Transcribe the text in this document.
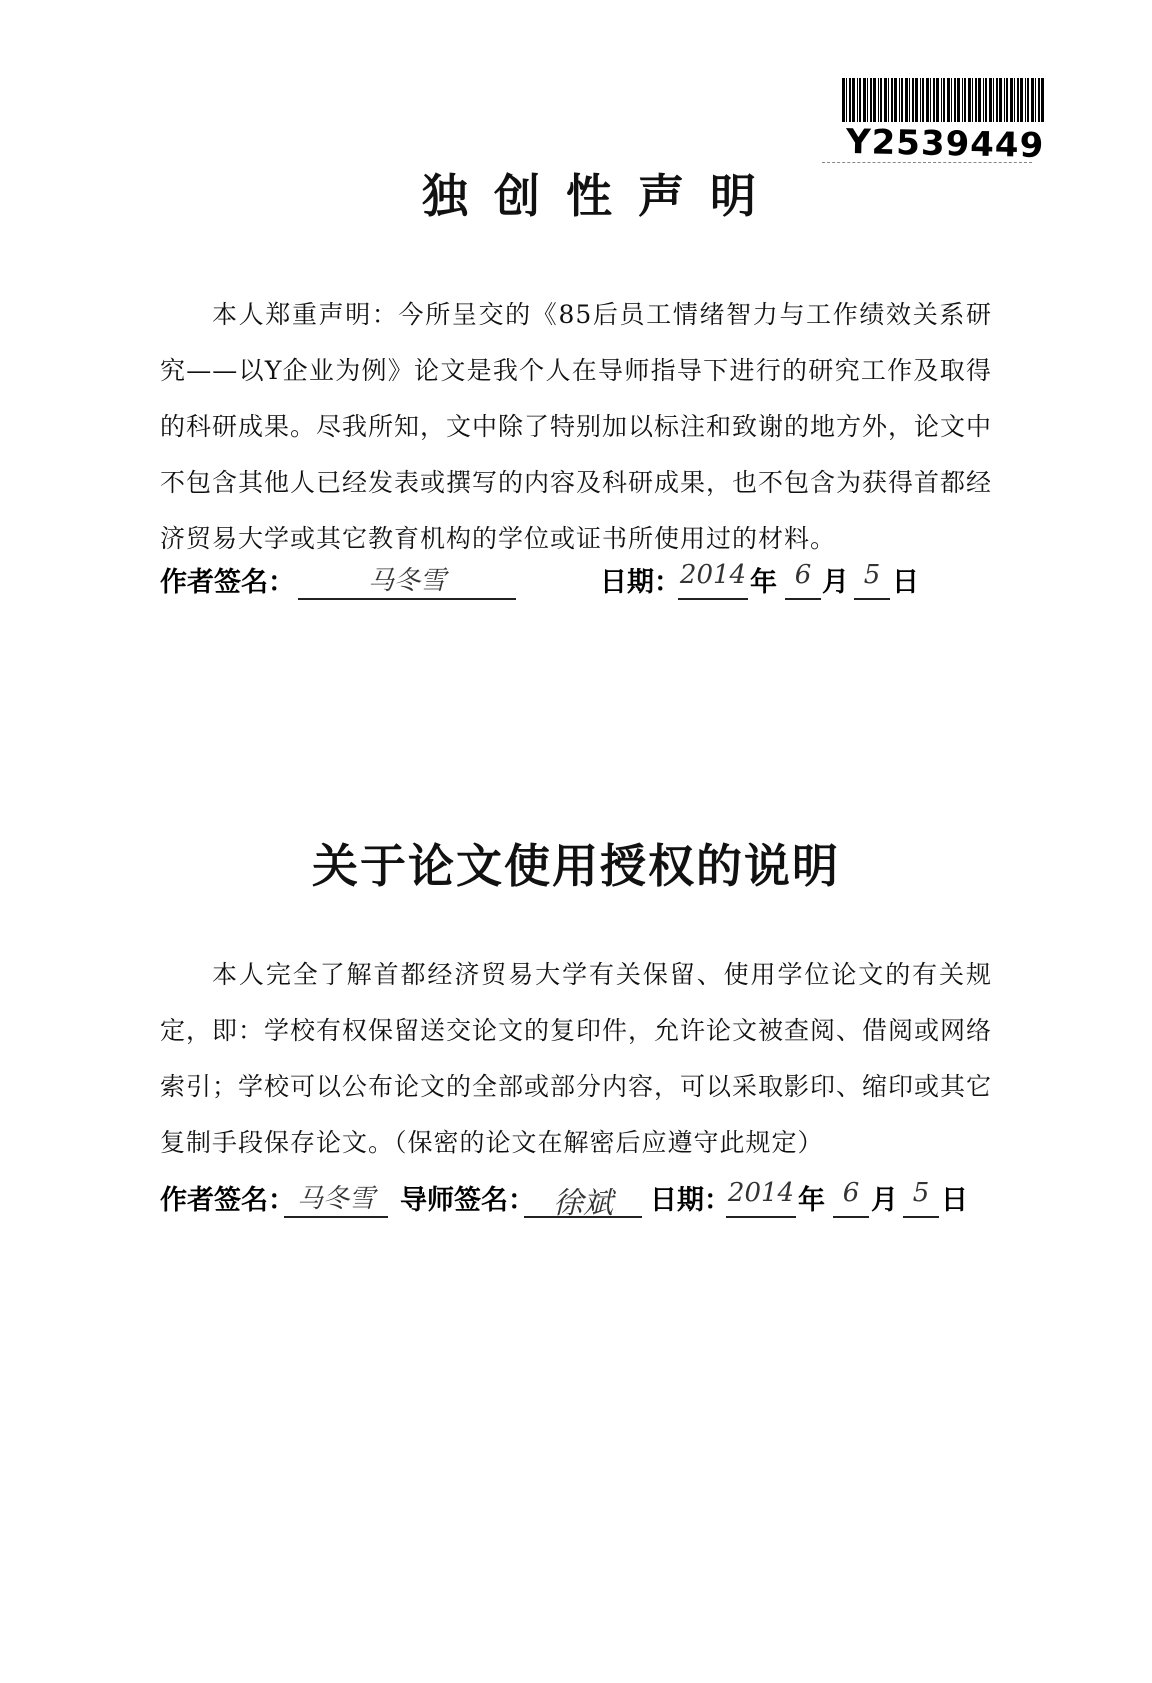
Y2539449
独创性声明
本人郑重声明：今所呈交的《85后员工情绪智力与工作绩效关系研究——以Y企业为例》论文是我个人在导师指导下进行的研究工作及取得的科研成果。尽我所知，文中除了特别加以标注和致谢的地方外，论文中不包含其他人已经发表或撰写的内容及科研成果，也不包含为获得首都经济贸易大学或其它教育机构的学位或证书所使用过的材料。
作者签名：	马冬雪	日期：
2014 年 6 月 5 日
关于论文使用授权的说明
本人完全了解首都经济贸易大学有关保留、使用学位论文的有关规定，即：学校有权保留送交论文的复印件，允许论文被查阅、借阅或网络索引；学校可以公布论文的全部或部分内容，可以采取影印、缩印或其它复制手段保存论文。（保密的论文在解密后应遵守此规定）
作者签名： 马冬雪 导师签名： 徐斌	日期：
2014 年 6 月 5 日
